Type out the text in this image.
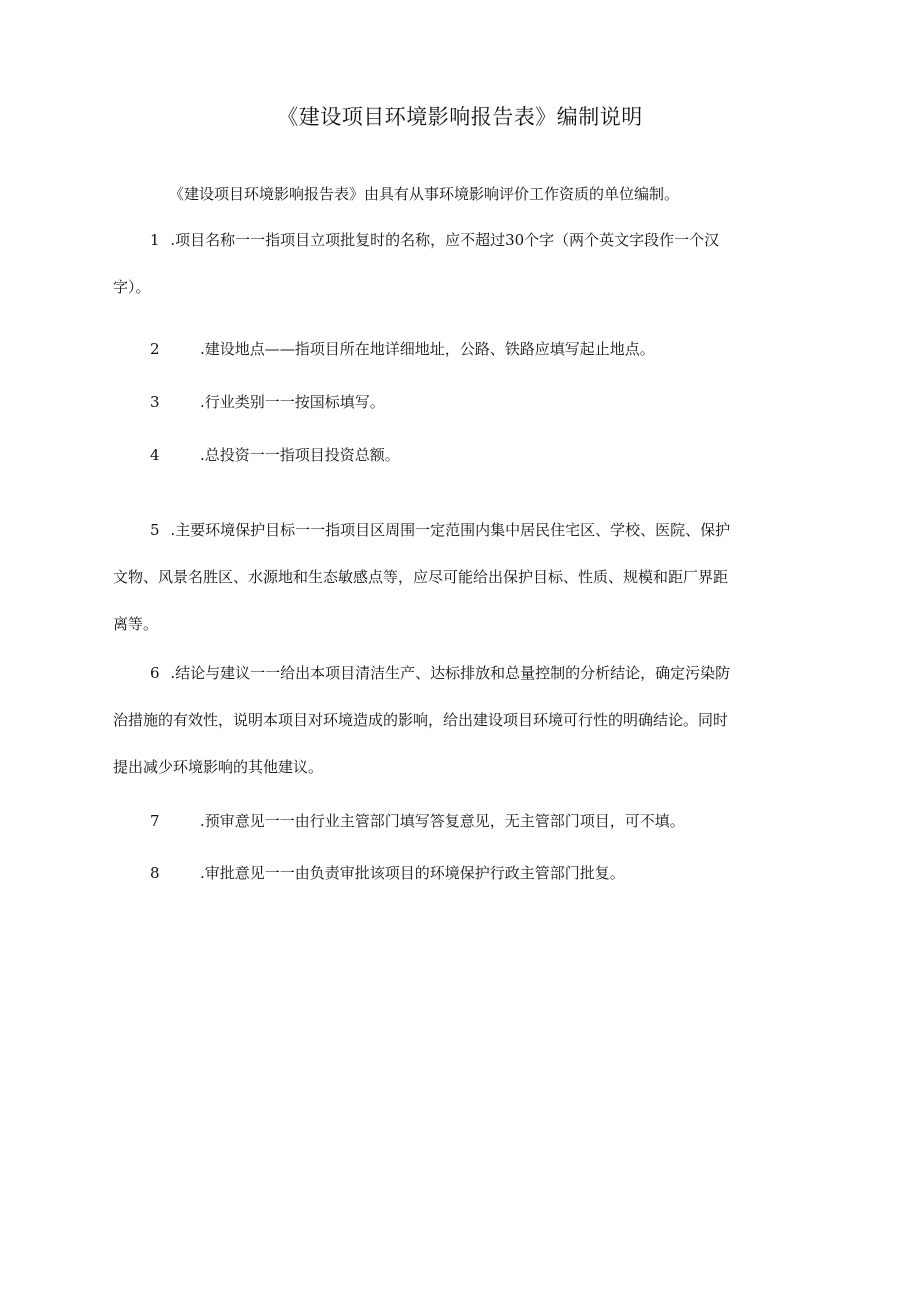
《建设项目环境影响报告表》编制说明
《建设项目环境影响报告表》由具有从事环境影响评价工作资质的单位编制。
1 .项目名称一一指项目立项批复时的名称，应不超过30个字（两个英文字段作一个汉
字）。
2	.建设地点——指项目所在地详细地址，公路、铁路应填写起止地点。
3	.行业类别一一按国标填写。
4	.总投资一一指项目投资总额。
5 .主要环境保护目标一一指项目区周围一定范围内集中居民住宅区、学校、医院、保护
文物、风景名胜区、水源地和生态敏感点等，应尽可能给出保护目标、性质、规模和距厂界距
离等。
6 .结论与建议一一给出本项目清洁生产、达标排放和总量控制的分析结论，确定污染防
治措施的有效性，说明本项目对环境造成的影响，给出建设项目环境可行性的明确结论。同时
提出减少环境影响的其他建议。
7	.预审意见一一由行业主管部门填写答复意见，无主管部门项目，可不填。
8	.审批意见一一由负责审批该项目的环境保护行政主管部门批复。
